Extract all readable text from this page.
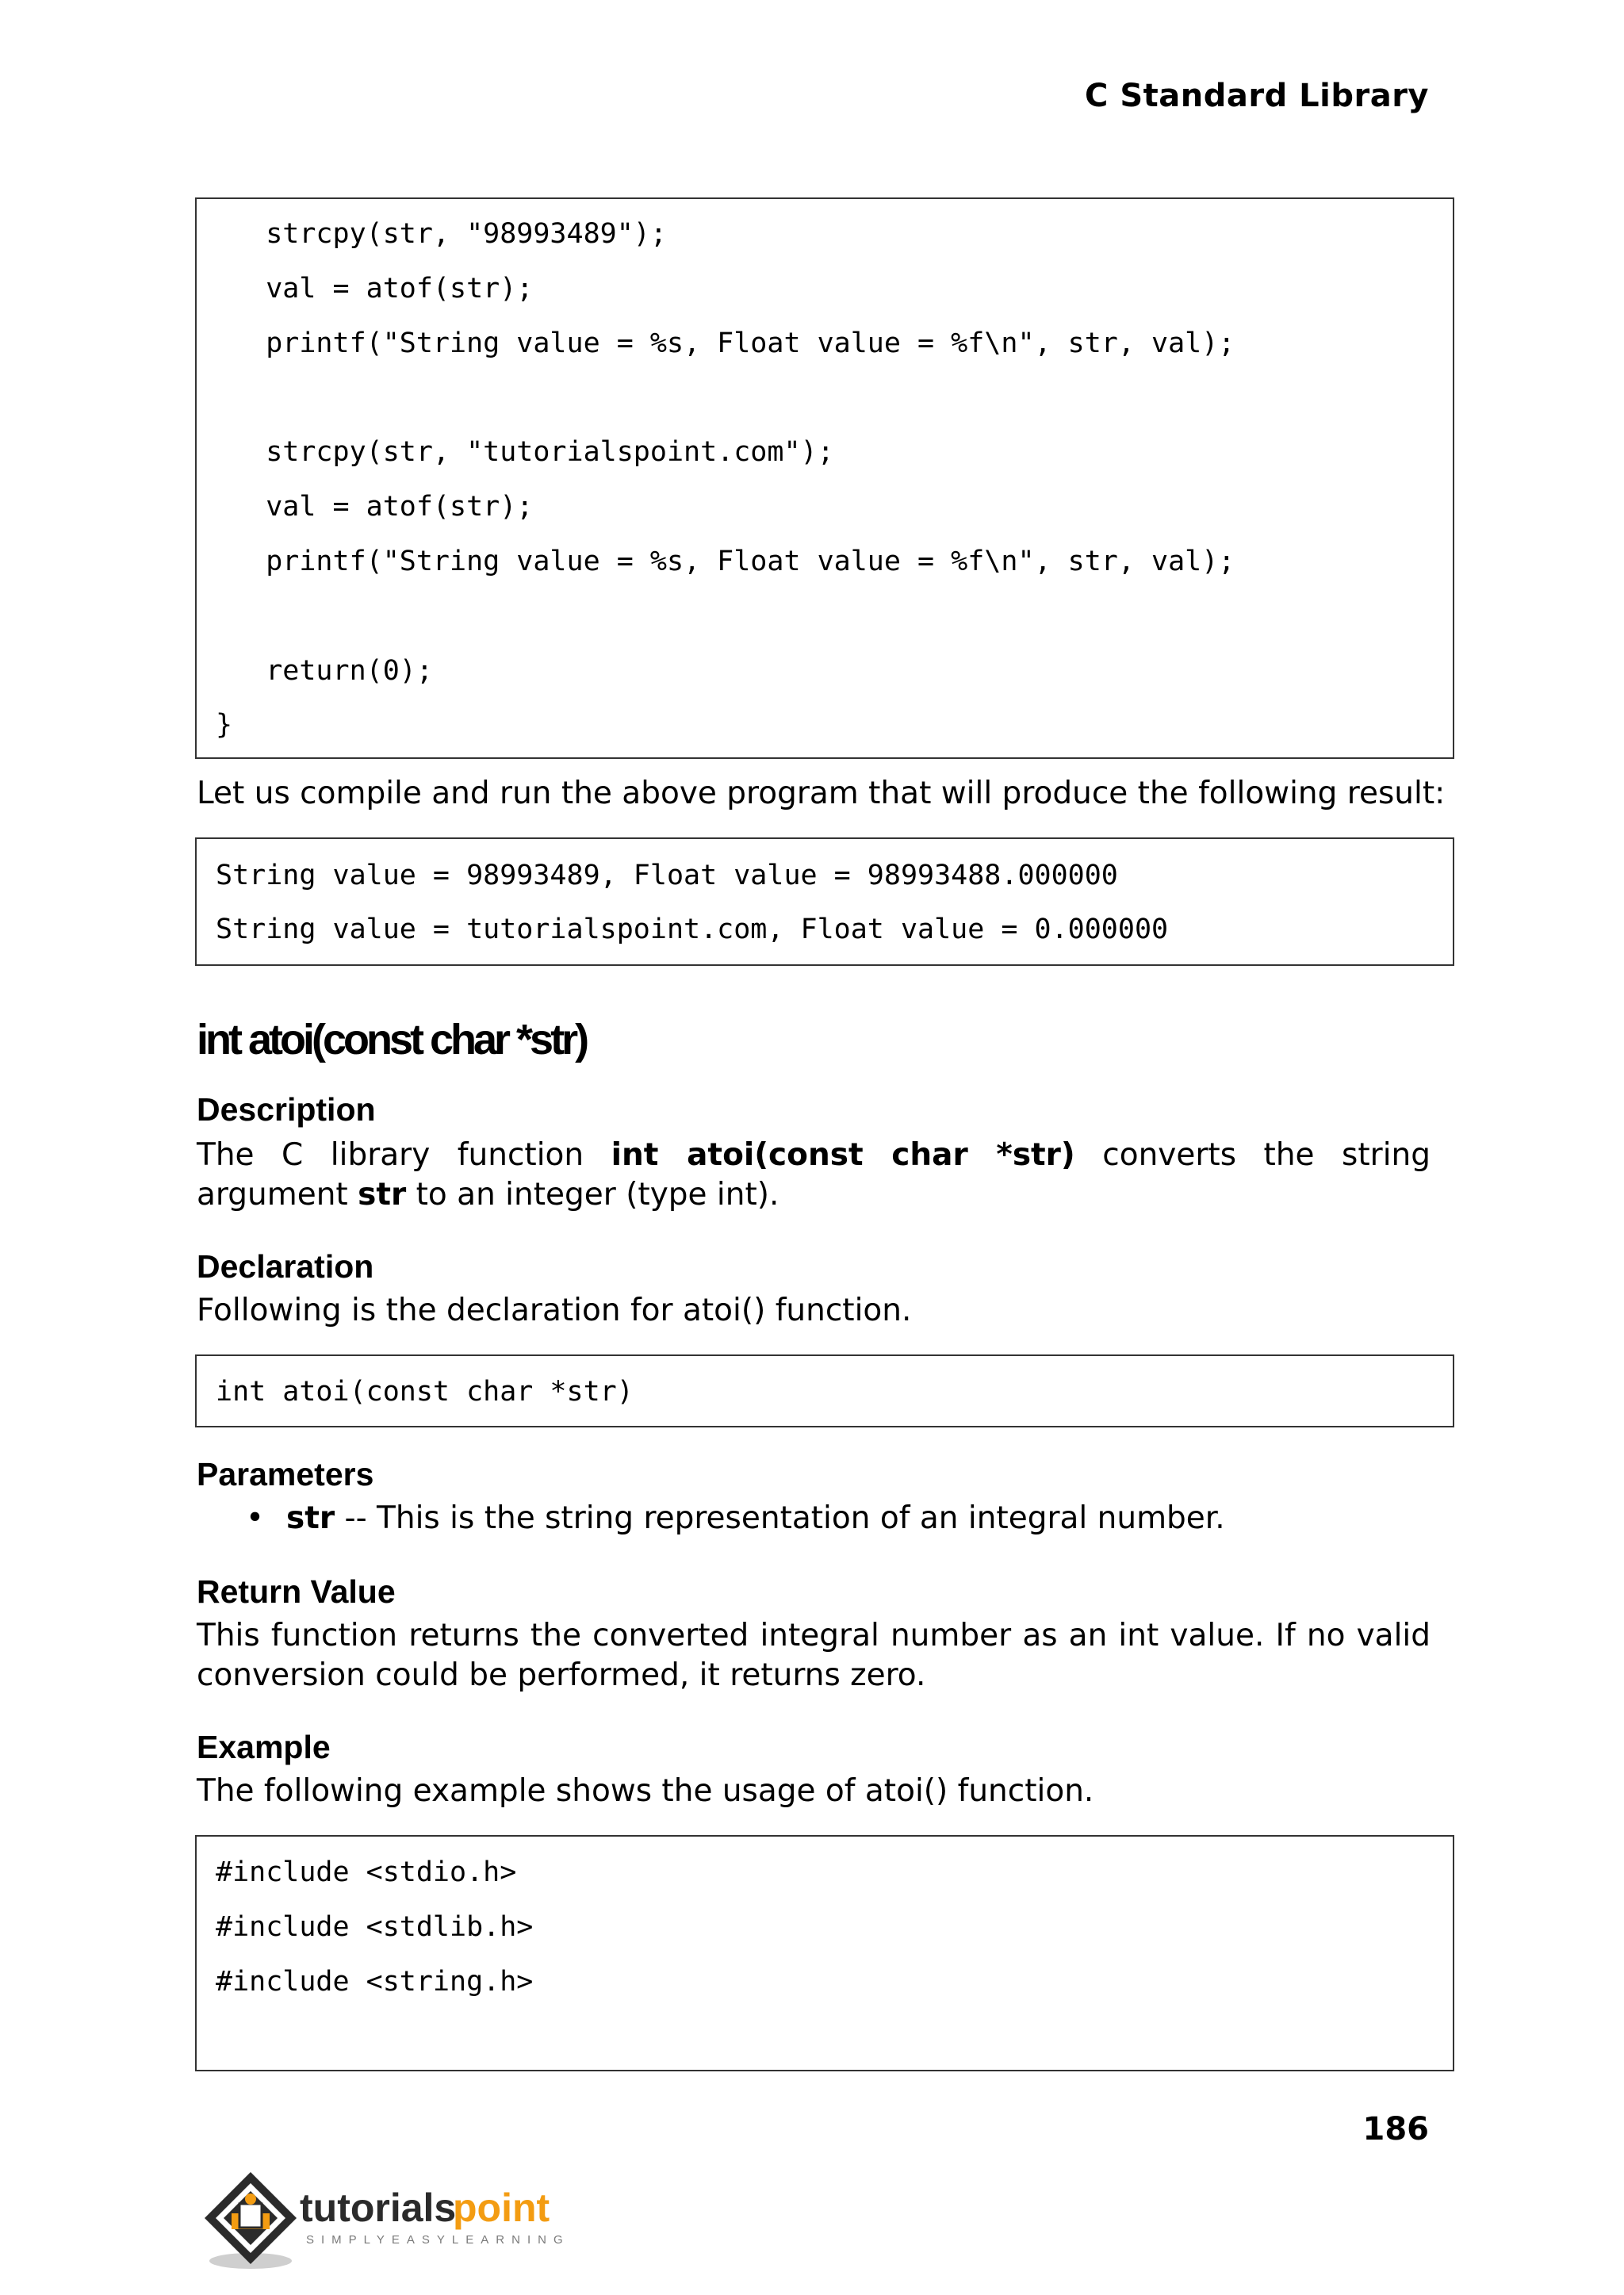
C Standard Library
strcpy(str, "98993489");
val = atof(str);
printf("String value = %s, Float value = %f\n", str, val);
strcpy(str, "tutorialspoint.com");
val = atof(str);
printf("String value = %s, Float value = %f\n", str, val);
return(0);
}
Let us compile and run the above program that will produce the following result:
String value = 98993489, Float value = 98993488.000000
String value = tutorialspoint.com, Float value = 0.000000
int atoi(const char *str)
Description
The C library function int atoi(const char *str) converts the string
argument str to an integer (type int).
Declaration
Following is the declaration for atoi() function.
int atoi(const char *str)
Parameters
• str -- This is the string representation of an integral number.
Return Value
This function returns the converted integral number as an int value. If no valid
conversion could be performed, it returns zero.
Example
The following example shows the usage of atoi() function.
#include <stdio.h>
#include <stdlib.h>
#include <string.h>
186
tutorials
point
SIMPLYEASYLEARNING
